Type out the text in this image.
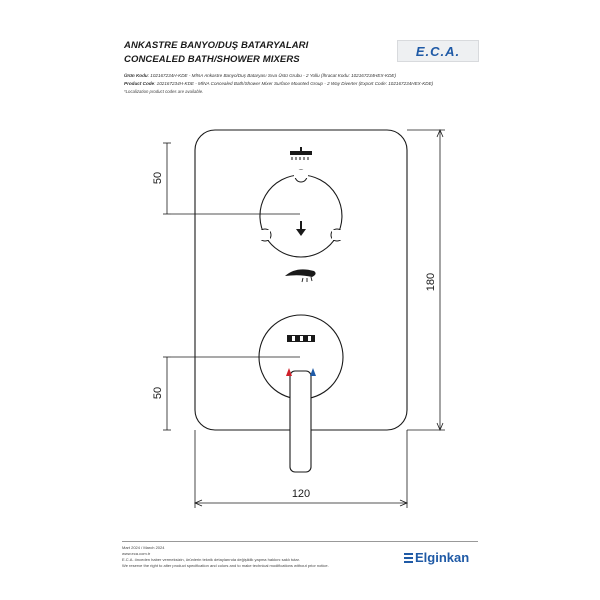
ANKASTRE BANYO/DUŞ BATARYALARI
CONCEALED BATH/SHOWER MIXERS
E.C.A.
Ürün Kodu: 102167234H-KDE - MİNA Ankastre Banyo/Duş Bataryası Sıva Üstü Grubu - 2 Yollu (İhracat Kodu: 102167234HEX-KDE)
Product Code: 102167234H-KDE - MİNA Concealed Bath/Shower Mixer Surface Mounted Group - 2 Way Diverter (Export Code: 102167234HEX-KDE)
*Localization product codes are available.
50
50
180
120
Mart 2024 / March 2024
www.eca.com.tr
E.C.A. önceden haber vermeksizin, ürünlerin teknik detaylarında değişiklik yapma hakkını saklı tutar.
We reserve the right to alter product specification and colors and to make technical modifications without prior notice.
Elginkan
